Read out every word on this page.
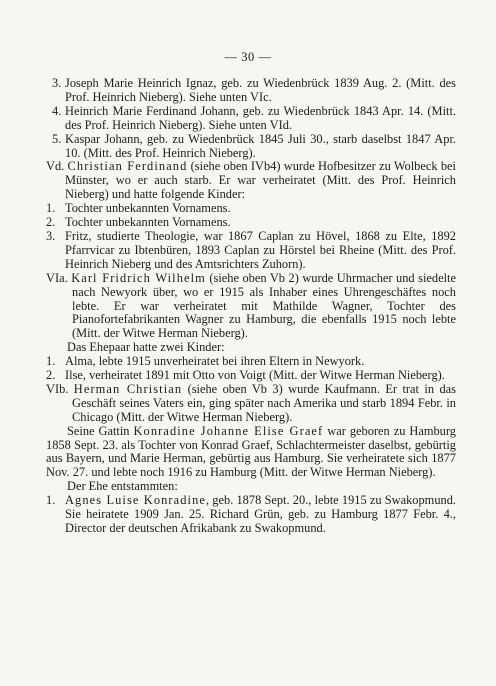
— 30 —
3. Joseph Marie Heinrich Ignaz, geb. zu Wiedenbrück 1839 Aug. 2. (Mitt. des Prof. Heinrich Nieberg). Siehe unten VIc.
4. Heinrich Marie Ferdinand Johann, geb. zu Wiedenbrück 1843 Apr. 14. (Mitt. des Prof. Heinrich Nieberg). Siehe unten VId.
5. Kaspar Johann, geb. zu Wiedenbrück 1845 Juli 30., starb daselbst 1847 Apr. 10. (Mitt. des Prof. Heinrich Nieberg).

Vd. Christian Ferdinand (siehe oben IVb4) wurde Hofbesitzer zu Wolbeck bei Münster, wo er auch starb. Er war verheiratet (Mitt. des Prof. Heinrich Nieberg) und hatte folgende Kinder:

1. Tochter unbekannten Vornamens.
2. Tochter unbekannten Vornamens.
3. Fritz, studierte Theologie, war 1867 Caplan zu Hövel, 1868 zu Elte, 1892 Pfarrvicar zu Ibtenbüren, 1893 Caplan zu Hörstel bei Rheine (Mitt. des Prof. Heinrich Nieberg und des Amtsrichters Zuhorn).

VIa. Karl Fridrich Wilhelm (siehe oben Vb 2) wurde Uhrmacher und siedelte nach Newyork über, wo er 1915 als Inhaber eines Uhrengeschäftes noch lebte. Er war verheiratet mit Mathilde Wagner, Tochter des Pianofortefabrikanten Wagner zu Hamburg, die ebenfalls 1915 noch lebte (Mitt. der Witwe Herman Nieberg).

Das Ehepaar hatte zwei Kinder:

1. Alma, lebte 1915 unverheiratet bei ihren Eltern in Newyork.
2. Ilse, verheiratet 1891 mit Otto von Voigt (Mitt. der Witwe Herman Nieberg).

VIb. Herman Christian (siehe oben Vb 3) wurde Kaufmann. Er trat in das Geschäft seines Vaters ein, ging später nach Amerika und starb 1894 Febr. in Chicago (Mitt. der Witwe Herman Nieberg).

Seine Gattin Konradine Johanne Elise Graef war geboren zu Hamburg 1858 Sept. 23. als Tochter von Konrad Graef, Schlachtermeister daselbst, gebürtig aus Bayern, und Marie Herman, gebürtig aus Hamburg. Sie verheiratete sich 1877 Nov. 27. und lebte noch 1916 zu Hamburg (Mitt. der Witwe Herman Nieberg).

Der Ehe entstammten:

1. Agnes Luise Konradine, geb. 1878 Sept. 20., lebte 1915 zu Swakopmund. Sie heiratete 1909 Jan. 25. Richard Grün, geb. zu Hamburg 1877 Febr. 4., Director der deutschen Afrikabank zu Swakopmund.
